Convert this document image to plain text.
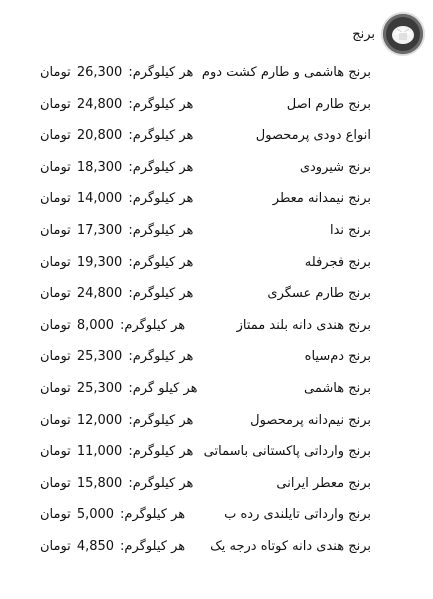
برنج
برنج هاشمی و طارم کشت دوم
هر کیلوگرم:26,300تومان
برنج طارم اصل
هر کیلوگرم:24,800تومان
انواع دودی پرمحصول
هر کیلوگرم:20,800تومان
برنج شیرودی
هر کیلوگرم:18,300تومان
برنج نیمدانه معطر
هر کیلوگرم:14,000تومان
برنج ندا
هر کیلوگرم:17,300تومان
برنج فجرفله
هر کیلوگرم:19,300تومان
برنج طارم عسگری
هر کیلوگرم:24,800تومان
برنج هندی دانه بلند ممتاز
هر کیلوگرم:8,000تومان
برنج دم‌سیاه
هر کیلوگرم:25,300تومان
برنج هاشمی
هر کیلو گرم:25,300تومان
برنج نیم‌دانه پرمحصول
هر کیلوگرم:12,000تومان
برنج وارداتی پاکستانی باسماتی
هر کیلوگرم:11,000تومان
برنج معطر ایرانی
هر کیلوگرم:15,800تومان
برنج وارداتی تایلندی رده ب
هر کیلوگرم:5,000تومان
برنج هندی دانه کوتاه درجه یک
هر کیلوگرم:4,850تومان
